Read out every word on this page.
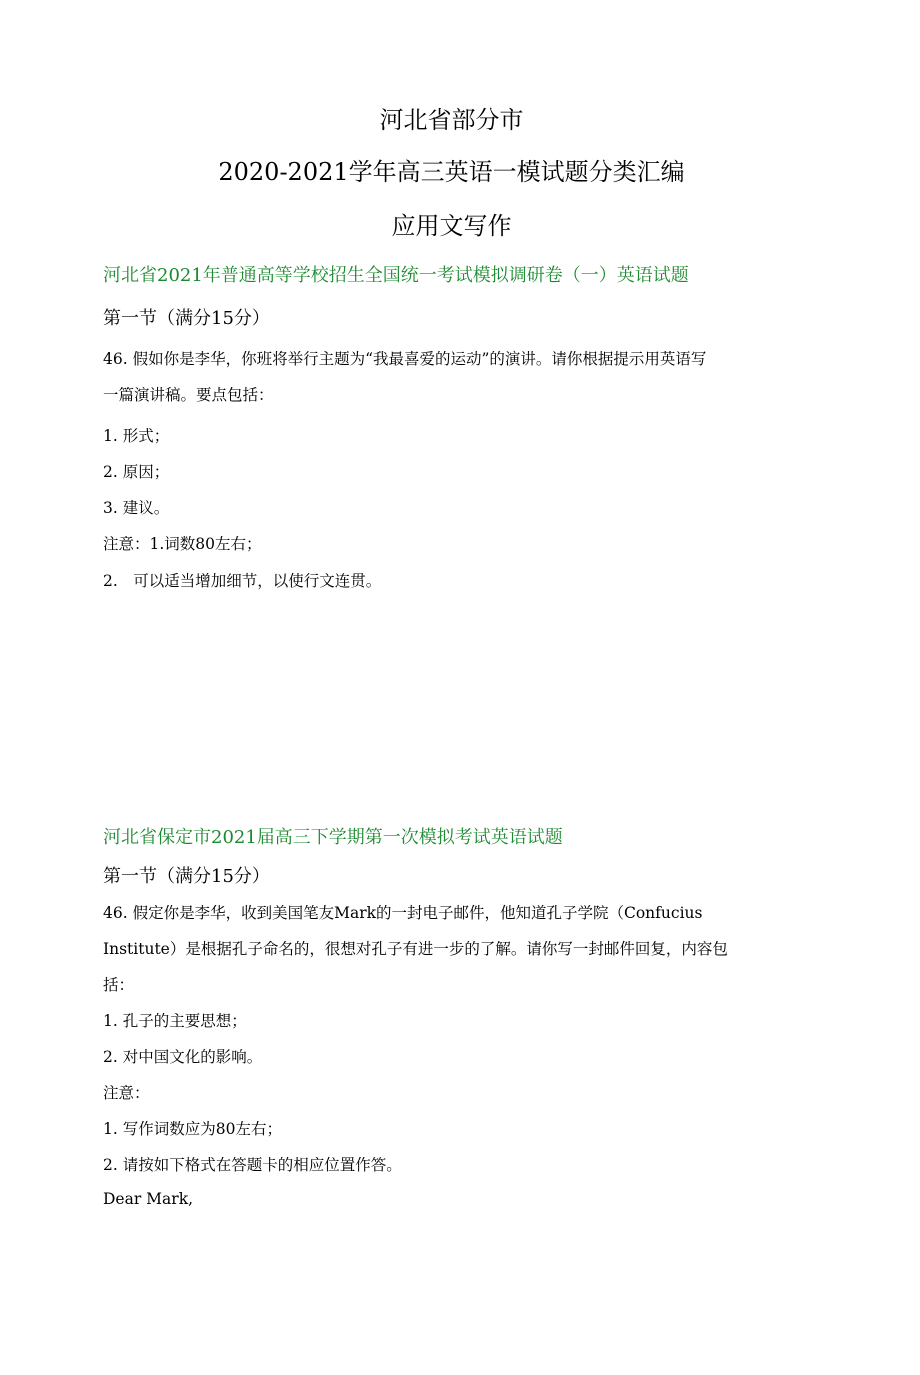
河北省部分市
2020-2021学年高三英语一模试题分类汇编
应用文写作
河北省2021年普通高等学校招生全国统一考试模拟调研卷（一）英语试题
第一节（满分15分）
46. 假如你是李华，你班将举行主题为“我最喜爱的运动”的演讲。请你根据提示用英语写
一篇演讲稿。要点包括：
1. 形式；
2. 原因；
3. 建议。
注意：1.词数80左右；
2.　可以适当增加细节，以使行文连贯。
河北省保定市2021届高三下学期第一次模拟考试英语试题
第一节（满分15分）
46. 假定你是李华，收到美国笔友Mark的一封电子邮件，他知道孔子学院（Confucius
Institute）是根据孔子命名的，很想对孔子有进一步的了解。请你写一封邮件回复，内容包
括：
1. 孔子的主要思想；
2. 对中国文化的影响。
注意：
1. 写作词数应为80左右；
2. 请按如下格式在答题卡的相应位置作答。
Dear Mark,
